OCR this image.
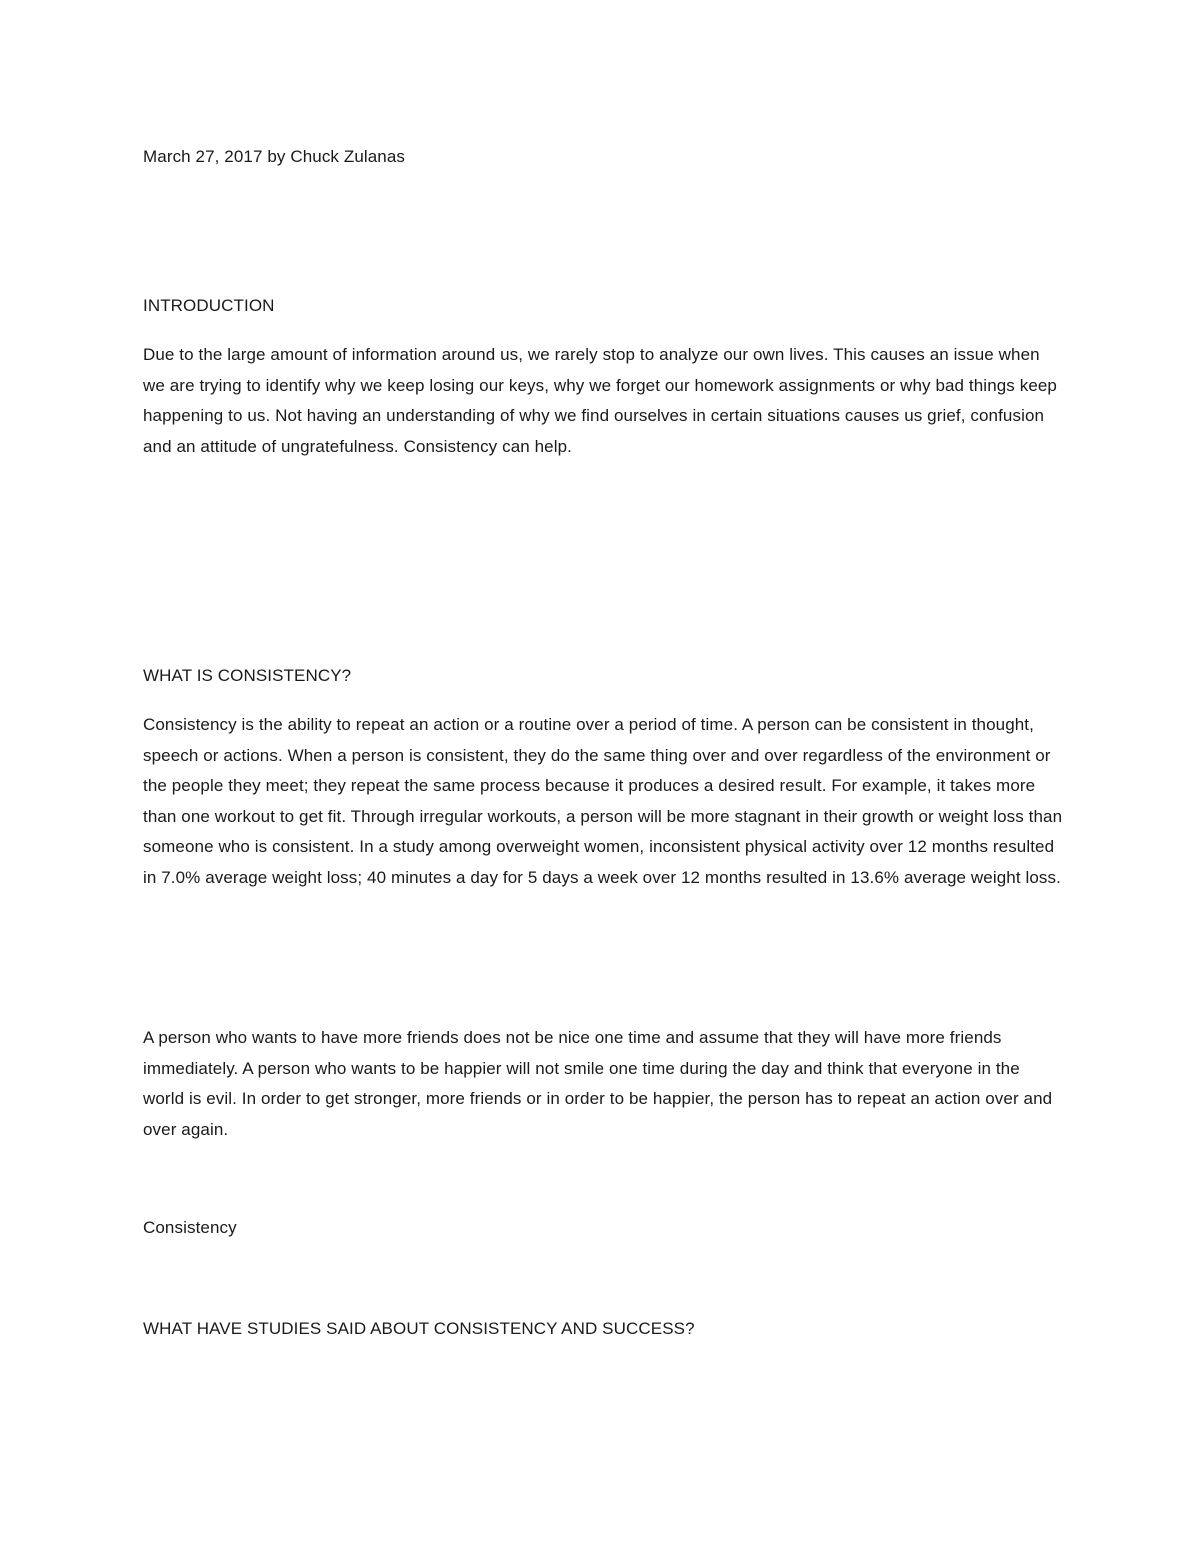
March 27, 2017 by Chuck Zulanas

INTRODUCTION

Due to the large amount of information around us, we rarely stop to analyze our own lives. This causes an issue when we are trying to identify why we keep losing our keys, why we forget our homework assignments or why bad things keep happening to us. Not having an understanding of why we find ourselves in certain situations causes us grief, confusion and an attitude of ungratefulness. Consistency can help.

WHAT IS CONSISTENCY?

Consistency is the ability to repeat an action or a routine over a period of time. A person can be consistent in thought, speech or actions. When a person is consistent, they do the same thing over and over regardless of the environment or the people they meet; they repeat the same process because it produces a desired result. For example, it takes more than one workout to get fit. Through irregular workouts, a person will be more stagnant in their growth or weight loss than someone who is consistent. In a study among overweight women, inconsistent physical activity over 12 months resulted in 7.0% average weight loss; 40 minutes a day for 5 days a week over 12 months resulted in 13.6% average weight loss.

A person who wants to have more friends does not be nice one time and assume that they will have more friends immediately. A person who wants to be happier will not smile one time during the day and think that everyone in the world is evil. In order to get stronger, more friends or in order to be happier, the person has to repeat an action over and over again.

Consistency

WHAT HAVE STUDIES SAID ABOUT CONSISTENCY AND SUCCESS?
